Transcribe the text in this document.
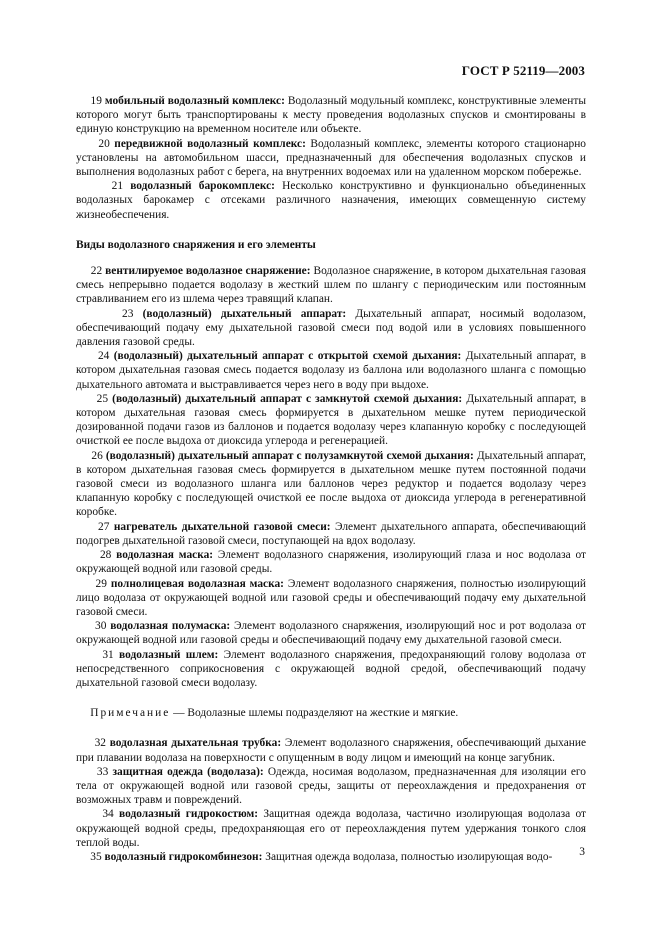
ГОСТ Р 52119—2003
19 мобильный водолазный комплекс: Водолазный модульный комплекс, конструктивные элементы которого могут быть транспортированы к месту проведения водолазных спусков и смонтированы в единую конструкцию на временном носителе или объекте.
20 передвижной водолазный комплекс: Водолазный комплекс, элементы которого стационарно установлены на автомобильном шасси, предназначенный для обеспечения водолазных спусков и выполнения водолазных работ с берега, на внутренних водоемах или на удаленном морском побережье.
21 водолазный барокомплекс: Несколько конструктивно и функционально объединенных водолазных барокамер с отсеками различного назначения, имеющих совмещенную систему жизнеобеспечения.
Виды водолазного снаряжения и его элементы
22 вентилируемое водолазное снаряжение: Водолазное снаряжение, в котором дыхательная газовая смесь непрерывно подается водолазу в жесткий шлем по шлангу с периодическим или постоянным стравливанием его из шлема через травящий клапан.
23 (водолазный) дыхательный аппарат: Дыхательный аппарат, носимый водолазом, обеспечивающий подачу ему дыхательной газовой смеси под водой или в условиях повышенного давления газовой среды.
24 (водолазный) дыхательный аппарат с открытой схемой дыхания: Дыхательный аппарат, в котором дыхательная газовая смесь подается водолазу из баллона или водолазного шланга с помощью дыхательного автомата и выстравливается через него в воду при выдохе.
25 (водолазный) дыхательный аппарат с замкнутой схемой дыхания: Дыхательный аппарат, в котором дыхательная газовая смесь формируется в дыхательном мешке путем периодической дозированной подачи газов из баллонов и подается водолазу через клапанную коробку с последующей очисткой ее после выдоха от диоксида углерода и регенерацией.
26 (водолазный) дыхательный аппарат с полузамкнутой схемой дыхания: Дыхательный аппарат, в котором дыхательная газовая смесь формируется в дыхательном мешке путем постоянной подачи газовой смеси из водолазного шланга или баллонов через редуктор и подается водолазу через клапанную коробку с последующей очисткой ее после выдоха от диоксида углерода в регенеративной коробке.
27 нагреватель дыхательной газовой смеси: Элемент дыхательного аппарата, обеспечивающий подогрев дыхательной газовой смеси, поступающей на вдох водолазу.
28 водолазная маска: Элемент водолазного снаряжения, изолирующий глаза и нос водолаза от окружающей водной или газовой среды.
29 полнолицевая водолазная маска: Элемент водолазного снаряжения, полностью изолирующий лицо водолаза от окружающей водной или газовой среды и обеспечивающий подачу ему дыхательной газовой смеси.
30 водолазная полумаска: Элемент водолазного снаряжения, изолирующий нос и рот водолаза от окружающей водной или газовой среды и обеспечивающий подачу ему дыхательной газовой смеси.
31 водолазный шлем: Элемент водолазного снаряжения, предохраняющий голову водолаза от непосредственного соприкосновения с окружающей водной средой, обеспечивающий подачу дыхательной газовой смеси водолазу.
Примечание — Водолазные шлемы подразделяют на жесткие и мягкие.
32 водолазная дыхательная трубка: Элемент водолазного снаряжения, обеспечивающий дыхание при плавании водолаза на поверхности с опущенным в воду лицом и имеющий на конце загубник.
33 защитная одежда (водолаза): Одежда, носимая водолазом, предназначенная для изоляции его тела от окружающей водной или газовой среды, защиты от переохлаждения и предохранения от возможных травм и повреждений.
34 водолазный гидрокостюм: Защитная одежда водолаза, частично изолирующая водолаза от окружающей водной среды, предохраняющая его от переохлаждения путем удержания тонкого слоя теплой воды.
35 водолазный гидрокомбинезон: Защитная одежда водолаза, полностью изолирующая водо-	3
